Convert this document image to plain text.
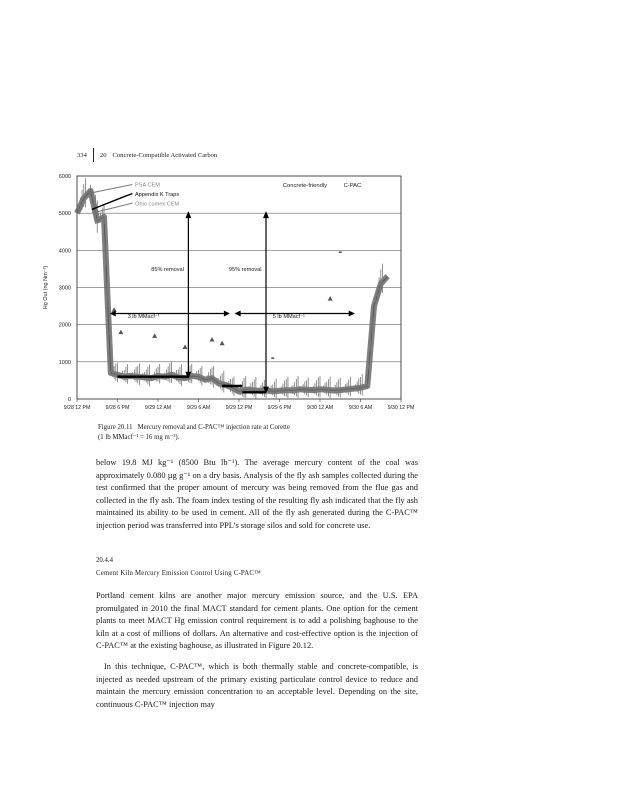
334 20 Concrete-Compatible Activated Carbon
0
1000
2000
3000
4000
5000
6000
9/28 12 PM	9/28 6 PM	9/29 12 AM	9/29 6 AM	9/29 12 PM	9/29 6 PM	9/30 12 AM	9/30 6 AM	9/30 12 PM
Hg Out (ng Nm⁻³)
PSA CEM
Appendix K Traps
Ohio Lumex CEM
Concrete-friendly	C-PAC
85% removal	95% removal
3 lb MMacf⁻¹	5 lb MMacf⁻¹
Figure 20.11 Mercury removal and C-PAC™ injection rate at Corette
(1 lb MMacf⁻¹ = 16 mg m⁻³).

below 19.8 MJ kg⁻¹ (8500 Btu lb⁻¹). The average mercury content of the coal was approximately 0.080 µg g⁻¹ on a dry basis. Analysis of the fly ash samples collected during the test confirmed that the proper amount of mercury was being removed from the flue gas and collected in the fly ash. The foam index testing of the resulting fly ash indicated that the fly ash maintained its ability to be used in cement. All of the fly ash generated during the C-PAC™ injection period was transferred into PPL’s storage silos and sold for concrete use.

20.4.4
Cement Kiln Mercury Emission Control Using C-PAC™

Portland cement kilns are another major mercury emission source, and the U.S. EPA promulgated in 2010 the final MACT standard for cement plants. One option for the cement plants to meet MACT Hg emission control requirement is to add a polishing baghouse to the kiln at a cost of millions of dollars. An alternative and cost-effective option is the injection of C-PAC™ at the existing baghouse, as illustrated in Figure 20.12.

In this technique, C-PAC™, which is both thermally stable and concrete-compatible, is injected as needed upstream of the primary existing particulate control device to reduce and maintain the mercury emission concentration to an acceptable level. Depending on the site, continuous C-PAC™ injection may
